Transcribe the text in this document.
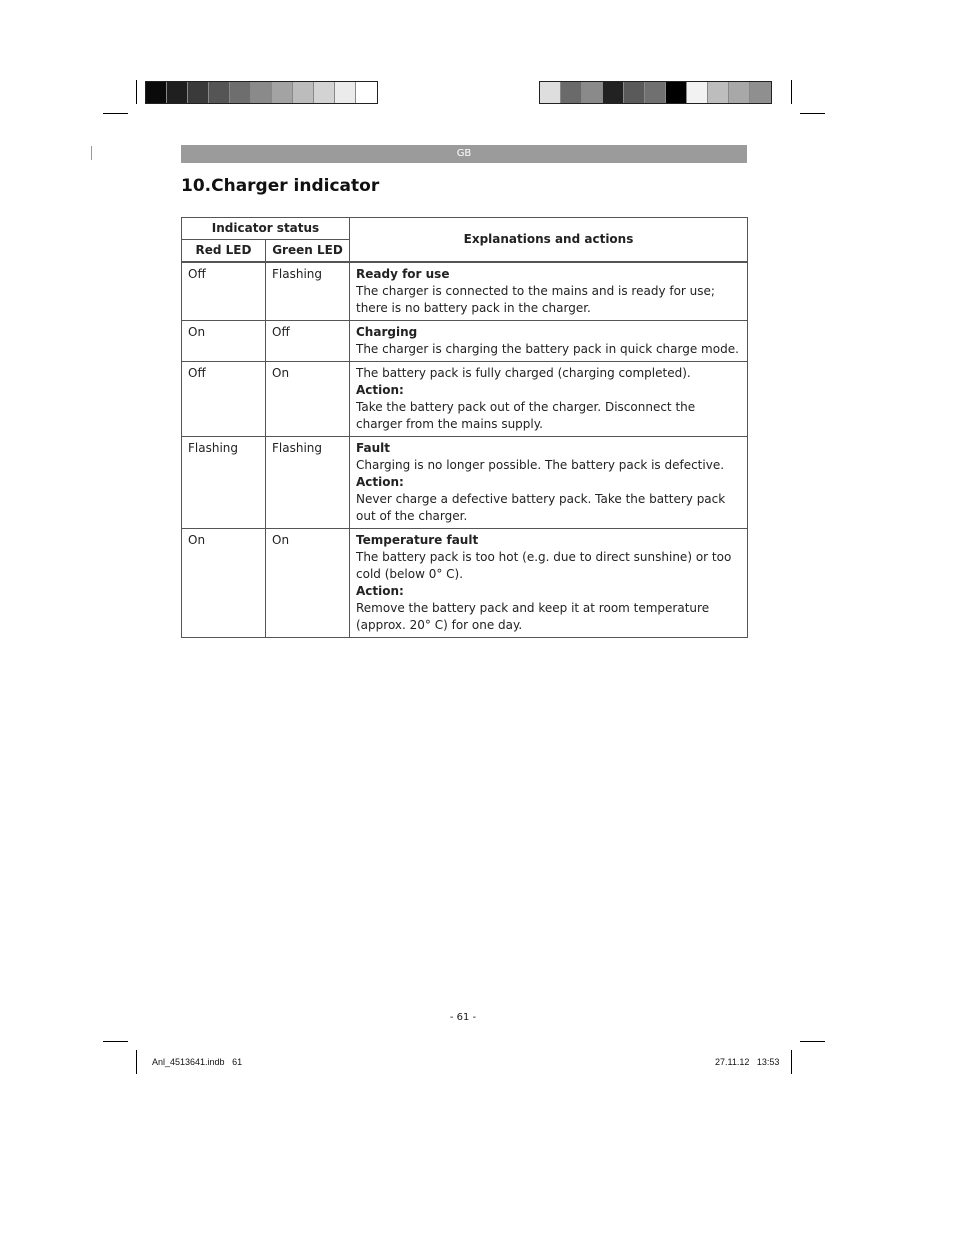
GB
10.Charger indicator
Indicator status		Explanations and actions
Red LED	Green LED	
Off	Flashing	Ready for use
The charger is connected to the mains and is ready for use; there is no battery pack in the charger.
On	Off	Charging
The charger is charging the battery pack in quick charge mode.
Off	On	The battery pack is fully charged (charging completed).
Action:
Take the battery pack out of the charger. Disconnect the charger from the mains supply.
Flashing	Flashing	Fault
Charging is no longer possible. The battery pack is defective.
Action:
Never charge a defective battery pack. Take the battery pack out of the charger.
On	On	Temperature fault
The battery pack is too hot (e.g. due to direct sunshine) or too cold (below 0° C).
Action:
Remove the battery pack and keep it at room temperature
(approx. 20° C) for one day.
- 61 -
Anl_4513641.indb   61	27.11.12   13:53
